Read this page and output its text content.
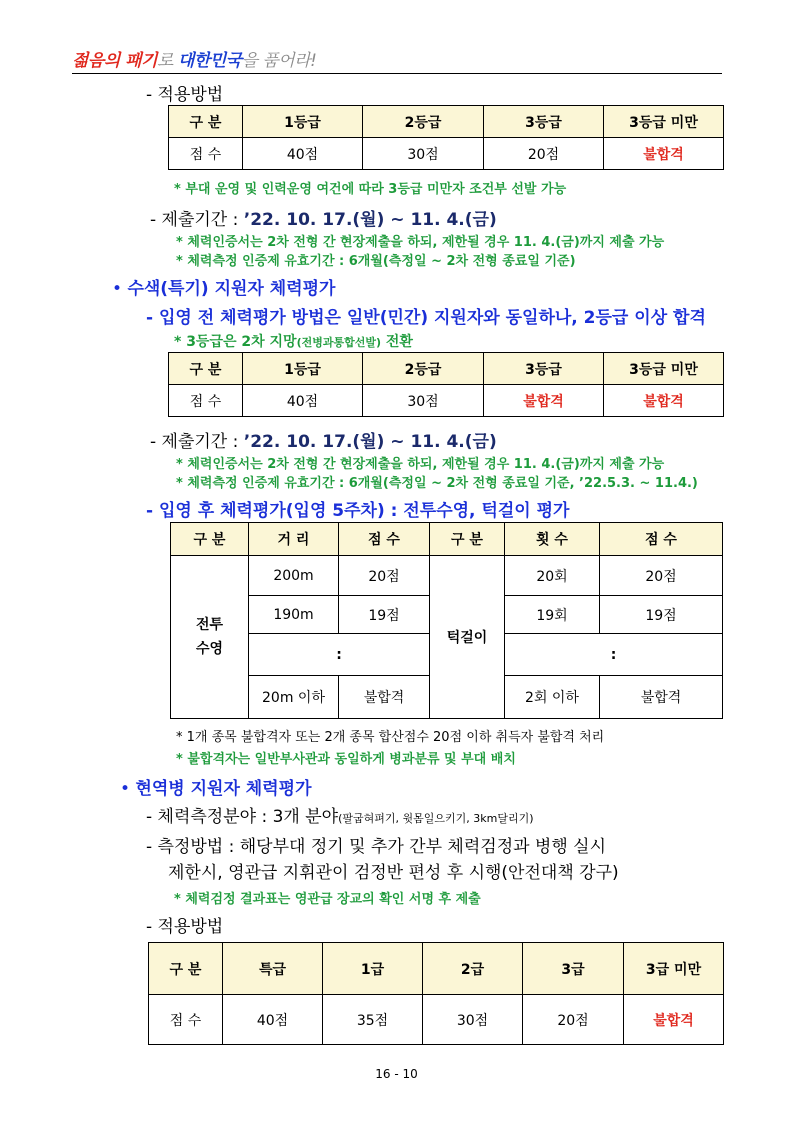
젊음의 패기로 대한민국을 품어라!
- 적용방법
구 분	1등급	2등급	3등급	3등급 미만
점 수	40점	30점	20점	불합격
* 부대 운영 및 인력운영 여건에 따라 3등급 미만자 조건부 선발 가능
- 제출기간 : ’22. 10. 17.(월) ~ 11. 4.(금)
* 체력인증서는 2차 전형 간 현장제출을 하되, 제한될 경우 11. 4.(금)까지 제출 가능
* 체력측정 인증제 유효기간 : 6개월(측정일 ~ 2차 전형 종료일 기준)
• 수색(특기) 지원자 체력평가
- 입영 전 체력평가 방법은 일반(민간) 지원자와 동일하나, 2등급 이상 합격
* 3등급은 2차 지망(전병과통합선발) 전환
구 분	1등급	2등급	3등급	3등급 미만
점 수	40점	30점	불합격	불합격
- 제출기간 : ’22. 10. 17.(월) ~ 11. 4.(금)
* 체력인증서는 2차 전형 간 현장제출을 하되, 제한될 경우 11. 4.(금)까지 제출 가능
* 체력측정 인증제 유효기간 : 6개월(측정일 ~ 2차 전형 종료일 기준, ’22.5.3. ~ 11.4.)
- 입영 후 체력평가(입영 5주차) : 전투수영, 턱걸이 평가
구 분	거 리	점 수	구 분	횟 수	점 수
전투
수영	200m	20점	턱걸이	20회	20점
	190m	19점		19회	19점
	:			:	
	20m 이하	불합격		2회 이하	불합격
* 1개 종목 불합격자 또는 2개 종목 합산점수 20점 이하 취득자 불합격 처리
* 불합격자는 일반부사관과 동일하게 병과분류 및 부대 배치
• 현역병 지원자 체력평가
- 체력측정분야 : 3개 분야(팔굽혀펴기, 윗몸일으키기, 3km달리기)
- 측정방법 : 해당부대 정기 및 추가 간부 체력검정과 병행 실시
제한시, 영관급 지휘관이 검정반 편성 후 시행(안전대책 강구)
* 체력검정 결과표는 영관급 장교의 확인 서명 후 제출
- 적용방법
구 분	특급	1급	2급	3급	3급 미만
점 수	40점	35점	30점	20점	불합격
16 - 10
